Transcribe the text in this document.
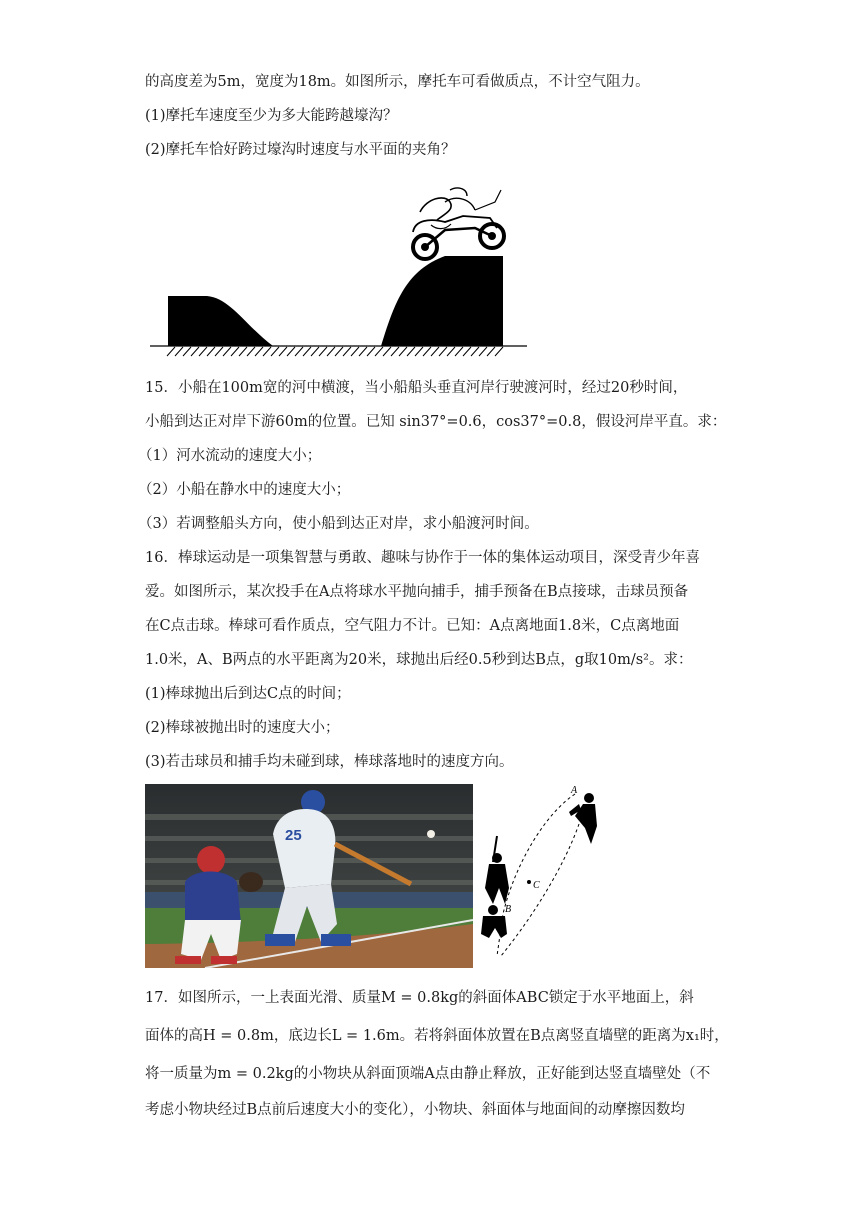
的高度差为5m，宽度为18m。如图所示，摩托车可看做质点，不计空气阻力。
(1)摩托车速度至少为多大能跨越壕沟？
(2)摩托车恰好跨过壕沟时速度与水平面的夹角？
15．小船在100m宽的河中横渡，当小船船头垂直河岸行驶渡河时，经过20秒时间，
小船到达正对岸下游60m的位置。已知 sin37°=0.6，cos37°=0.8，假设河岸平直。求：
（1）河水流动的速度大小；
（2）小船在静水中的速度大小；
（3）若调整船头方向，使小船到达正对岸，求小船渡河时间。
16．棒球运动是一项集智慧与勇敢、趣味与协作于一体的集体运动项目，深受青少年喜
爱。如图所示，某次投手在A点将球水平抛向捕手，捕手预备在B点接球，击球员预备
在C点击球。棒球可看作质点，空气阻力不计。已知：A点离地面1.8米，C点离地面
1.0米，A、B两点的水平距离为20米，球抛出后经0.5秒到达B点，g取10m/s²。求：
(1)棒球抛出后到达C点的时间；
(2)棒球被抛出时的速度大小；
(3)若击球员和捕手均未碰到球，棒球落地时的速度方向。
25
A
C
B
17．如图所示，一上表面光滑、质量M = 0.8kg的斜面体ABC锁定于水平地面上，斜
面体的高H = 0.8m，底边长L = 1.6m。若将斜面体放置在B点离竖直墙壁的距离为x₁时，
将一质量为m = 0.2kg的小物块从斜面顶端A点由静止释放，正好能到达竖直墙壁处（不
考虑小物块经过B点前后速度大小的变化），小物块、斜面体与地面间的动摩擦因数均
